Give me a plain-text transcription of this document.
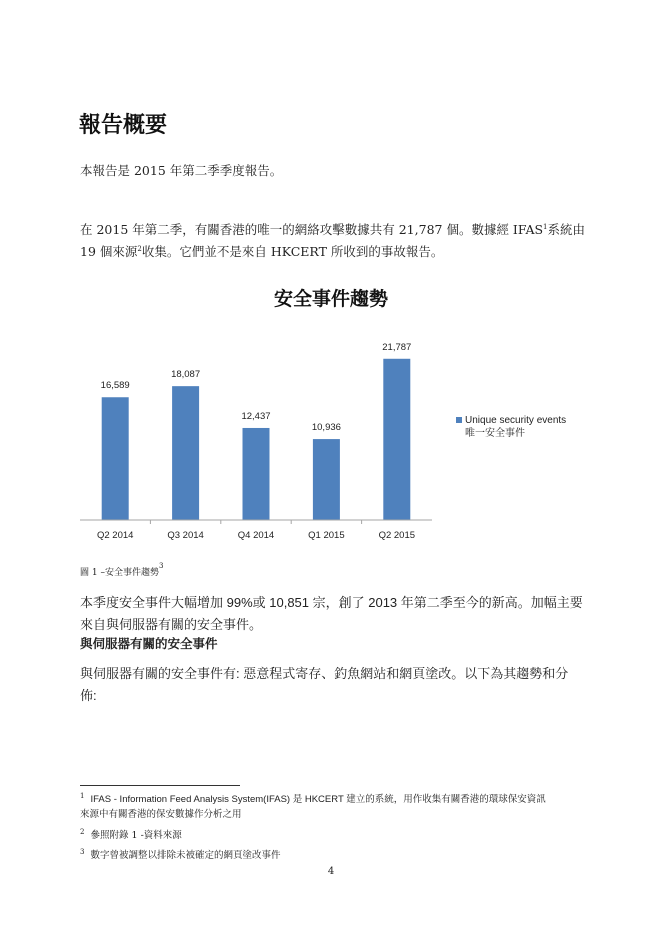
報告概要
本報告是 2015 年第二季季度報告。
在 2015 年第二季，有關香港的唯一的網絡攻擊數據共有 21,787 個。數據經 IFAS$^1$系統由
19 個來源$^2$收集。它們並不是來自 HKCERT 所收到的事故報告。
安全事件趨勢
16,589
Q2 2014
18,087
Q3 2014
12,437
Q4 2014
10,936
Q1 2015
21,787
Q2 2015
Unique security events
唯一安全事件
圖 1 –安全事件趨勢$^3$
本季度安全事件大幅增加 99%或 10,851 宗，創了 2013 年第二季至今的新高。加幅主要
來自與伺服器有關的安全事件。
與伺服器有關的安全事件
與伺服器有關的安全事件有: 惡意程式寄存、釣魚網站和網頁塗改。以下為其趨勢和分
佈:
$^1$ IFAS - Information Feed Analysis System(IFAS) 是 HKCERT 建立的系統，用作收集有關香港的環球保安資訊
來源中有關香港的保安數據作分析之用
$^2$ 參照附錄 1 -資料來源
$^3$ 數字曾被調整以排除未被確定的網頁塗改事件
4
